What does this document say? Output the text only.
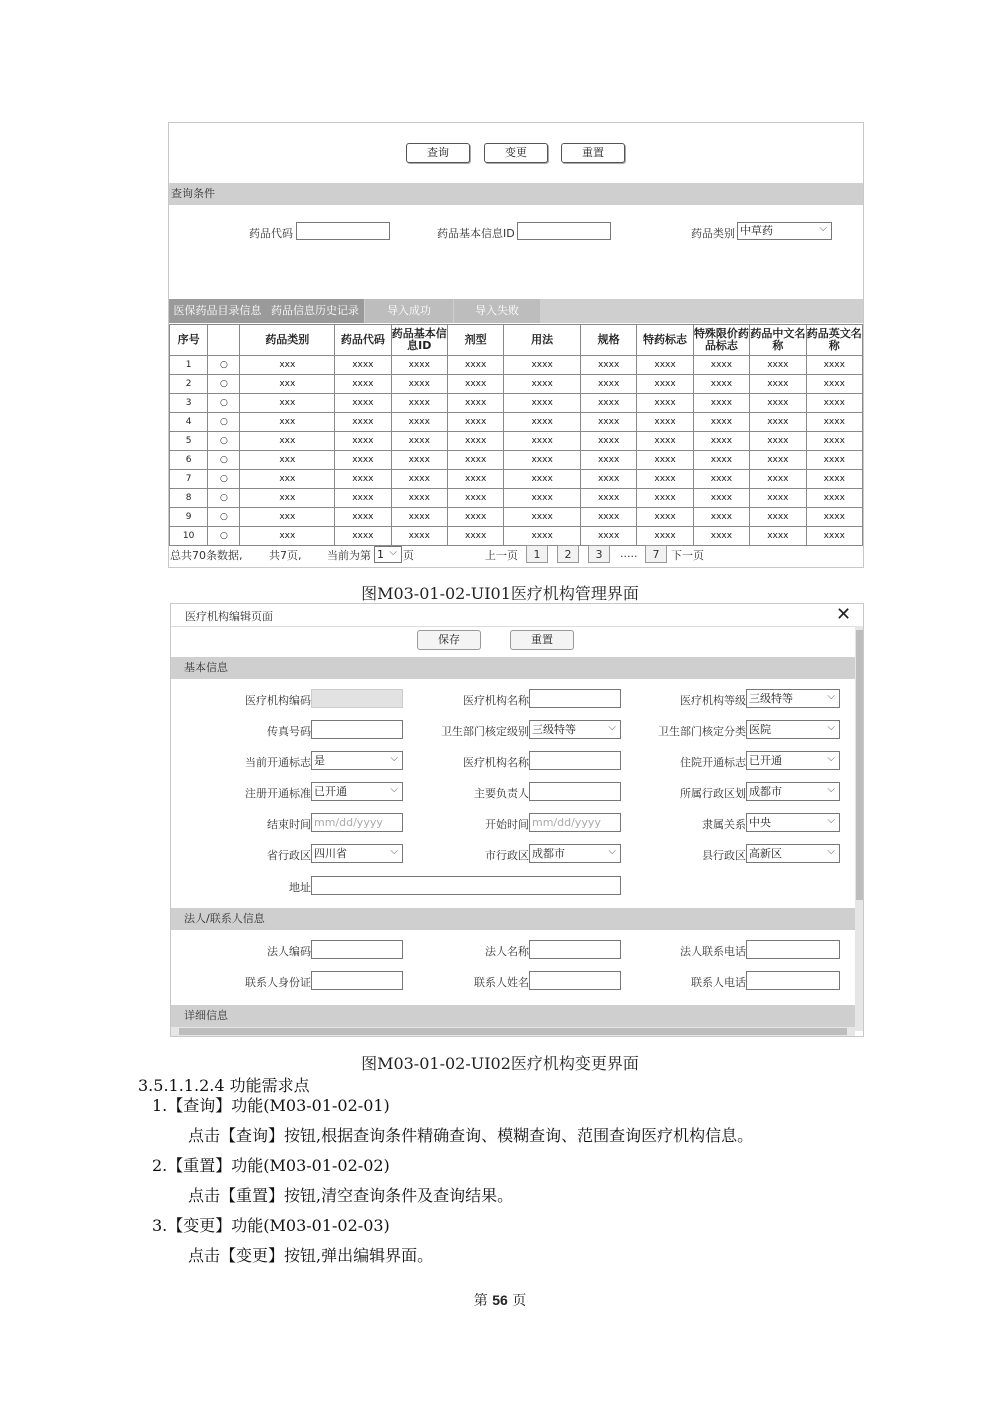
查询	变更	重置
查询条件
药品代码	药品基本信息ID	药品类别 中草药 ⌵
医保药品目录信息 药品信息历史记录	导入成功	导入失败
序号		药品类别	药品代码	药品基本信息ID	剂型	用法	规格	特药标志	特殊限价药品标志	药品中文名称	药品英文名称
1	○	xxx	xxxx	xxxx	xxxx	xxxx	xxxx	xxxx	xxxx	xxxx	xxxx
2	○	xxx	xxxx	xxxx	xxxx	xxxx	xxxx	xxxx	xxxx	xxxx	xxxx
3	○	xxx	xxxx	xxxx	xxxx	xxxx	xxxx	xxxx	xxxx	xxxx	xxxx
4	○	xxx	xxxx	xxxx	xxxx	xxxx	xxxx	xxxx	xxxx	xxxx	xxxx
5	○	xxx	xxxx	xxxx	xxxx	xxxx	xxxx	xxxx	xxxx	xxxx	xxxx
6	○	xxx	xxxx	xxxx	xxxx	xxxx	xxxx	xxxx	xxxx	xxxx	xxxx
7	○	xxx	xxxx	xxxx	xxxx	xxxx	xxxx	xxxx	xxxx	xxxx	xxxx
8	○	xxx	xxxx	xxxx	xxxx	xxxx	xxxx	xxxx	xxxx	xxxx	xxxx
9	○	xxx	xxxx	xxxx	xxxx	xxxx	xxxx	xxxx	xxxx	xxxx	xxxx
10	○	xxx	xxxx	xxxx	xxxx	xxxx	xxxx	xxxx	xxxx	xxxx	xxxx
总共70条数据, 共7页, 当前为第 1 ⌵	页	上一页	1	2	3	.....	7	下一页
图M03-01-02-UI01医疗机构管理界面
医疗机构编辑页面	✕
保存	重置
基本信息
医疗机构编码	医疗机构名称	医疗机构等级 三级特等 ⌵
传真号码	卫生部门核定级别 三级特等 ⌵	卫生部门核定分类 医院 ⌵
当前开通标志 是 ⌵	医疗机构名称	住院开通标志 已开通 ⌵
注册开通标准 已开通 ⌵	主要负责人	所属行政区划 成都市 ⌵
结束时间 mm/dd/yyyy	开始时间 mm/dd/yyyy	隶属关系 中央 ⌵
省行政区 四川省 ⌵	市行政区 成都市 ⌵	县行政区 高新区 ⌵
地址
法人/联系人信息
法人编码	法人名称	法人联系电话
联系人身份证	联系人姓名	联系人电话
详细信息
图M03-01-02-UI02医疗机构变更界面
3.5.1.1.2.4 功能需求点
1.【查询】功能(M03-01-02-01)
点击【查询】按钮,根据查询条件精确查询、模糊查询、范围查询医疗机构信息。
2.【重置】功能(M03-01-02-02)
点击【重置】按钮,清空查询条件及查询结果。
3.【变更】功能(M03-01-02-03)
点击【变更】按钮,弹出编辑界面。
第 56 页
